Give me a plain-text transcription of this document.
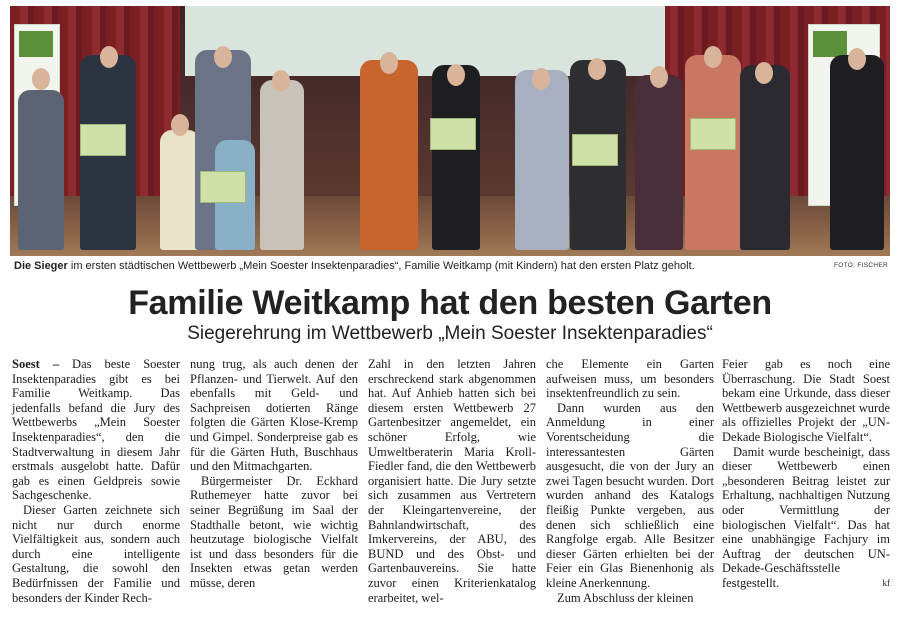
Die Sieger im ersten städtischen Wettbewerb „Mein Soester Insektenparadies“, Familie Weitkamp (mit Kindern) hat den ersten Platz geholt.	FOTO: FISCHER
Familie Weitkamp hat den besten Garten
Siegerehrung im Wettbewerb „Mein Soester Insektenparadies“

Soest – Das beste Soester Insektenparadies gibt es bei Familie Weitkamp. Das jedenfalls befand die Jury des Wettbewerbs „Mein Soester Insektenparadies“, den die Stadtverwaltung in diesem Jahr erstmals ausgelobt hatte. Dafür gab es einen Geldpreis sowie Sachgeschenke.

Dieser Garten zeichnete sich nicht nur durch enorme Vielfältigkeit aus, sondern auch durch eine intelligente Gestaltung, die sowohl den Bedürfnissen der Familie und besonders der Kinder Rech-

nung trug, als auch denen der Pflanzen- und Tierwelt. Auf den ebenfalls mit Geld- und Sachpreisen dotierten Ränge folgten die Gärten Klose-Kremp und Gimpel. Sonderpreise gab es für die Gärten Huth, Buschhaus und den Mitmachgarten.

Bürgermeister Dr. Eckhard Ruthemeyer hatte zuvor bei seiner Begrüßung im Saal der Stadthalle betont, wie wichtig heutzutage biologische Vielfalt ist und dass besonders für die Insekten etwas getan werden müsse, deren

Zahl in den letzten Jahren erschreckend stark abgenommen hat. Auf Anhieb hatten sich bei diesem ersten Wettbewerb 27 Gartenbesitzer angemeldet, ein schöner Erfolg, wie Umweltberaterin Maria Kroll-Fiedler fand, die den Wettbewerb organisiert hatte. Die Jury setzte sich zusammen aus Vertretern der Kleingartenvereine, der Bahnlandwirtschaft, des Imkervereins, der ABU, des BUND und des Obst- und Gartenbauvereins. Sie hatte zuvor einen Kriterienkatalog erarbeitet, wel-

che Elemente ein Garten aufweisen muss, um besonders insektenfreundlich zu sein.

Dann wurden aus den Anmeldung in einer Vorentscheidung die interessantesten Gärten ausgesucht, die von der Jury an zwei Tagen besucht wurden. Dort wurden anhand des Katalogs fleißig Punkte vergeben, aus denen sich schließlich eine Rangfolge ergab. Alle Besitzer dieser Gärten erhielten bei der Feier ein Glas Bienenhonig als kleine Anerkennung.

Zum Abschluss der kleinen

Feier gab es noch eine Überraschung. Die Stadt Soest bekam eine Urkunde, dass dieser Wettbewerb ausgezeichnet wurde als offizielles Projekt der „UN-Dekade Biologische Vielfalt“.

Damit wurde bescheinigt, dass dieser Wettbewerb einen „besonderen Beitrag leistet zur Erhaltung, nachhaltigen Nutzung oder Vermittlung der biologischen Vielfalt“. Das hat eine unabhängige Fachjury im Auftrag der deutschen UN-Dekade-Geschäftsstelle festgestellt.	kf
